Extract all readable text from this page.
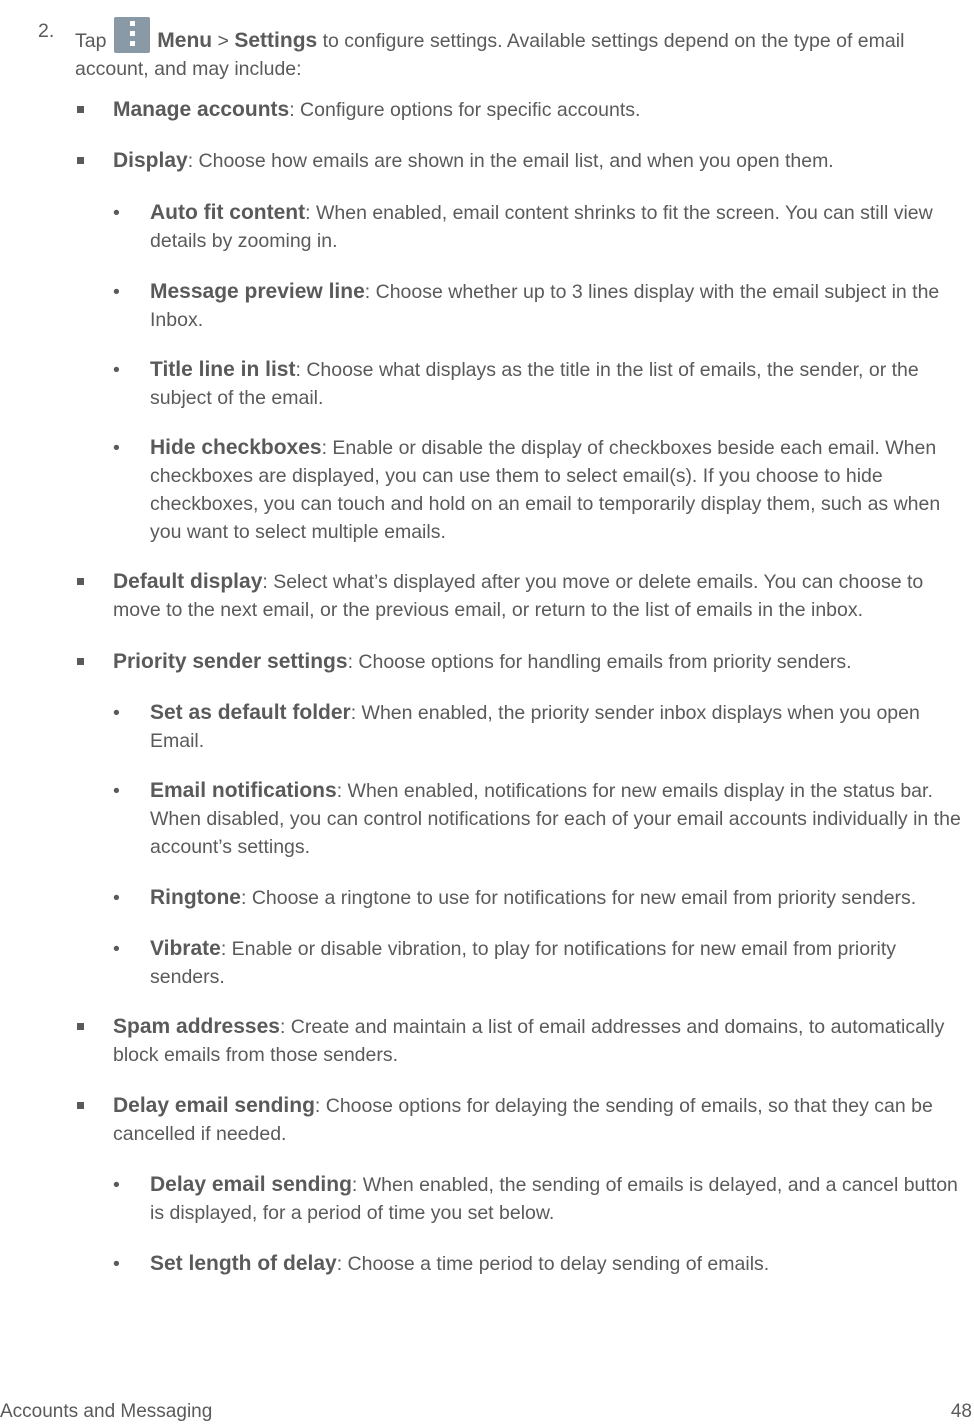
2. Tap Menu > Settings to configure settings. Available settings depend on the type of email account, and may include:

Manage accounts: Configure options for specific accounts.

Display: Choose how emails are shown in the email list, and when you open them.

• Auto fit content: When enabled, email content shrinks to fit the screen. You can still view details by zooming in.

• Message preview line: Choose whether up to 3 lines display with the email subject in the Inbox.

• Title line in list: Choose what displays as the title in the list of emails, the sender, or the subject of the email.

• Hide checkboxes: Enable or disable the display of checkboxes beside each email. When checkboxes are displayed, you can use them to select email(s). If you choose to hide checkboxes, you can touch and hold on an email to temporarily display them, such as when you want to select multiple emails.

Default display: Select what’s displayed after you move or delete emails. You can choose to move to the next email, or the previous email, or return to the list of emails in the inbox.

Priority sender settings: Choose options for handling emails from priority senders.

• Set as default folder: When enabled, the priority sender inbox displays when you open Email.

• Email notifications: When enabled, notifications for new emails display in the status bar. When disabled, you can control notifications for each of your email accounts individually in the account’s settings.

• Ringtone: Choose a ringtone to use for notifications for new email from priority senders.

• Vibrate: Enable or disable vibration, to play for notifications for new email from priority senders.

Spam addresses: Create and maintain a list of email addresses and domains, to automatically block emails from those senders.

Delay email sending: Choose options for delaying the sending of emails, so that they can be cancelled if needed.

• Delay email sending: When enabled, the sending of emails is delayed, and a cancel button is displayed, for a period of time you set below.

• Set length of delay: Choose a time period to delay sending of emails.

Accounts and Messaging	48
